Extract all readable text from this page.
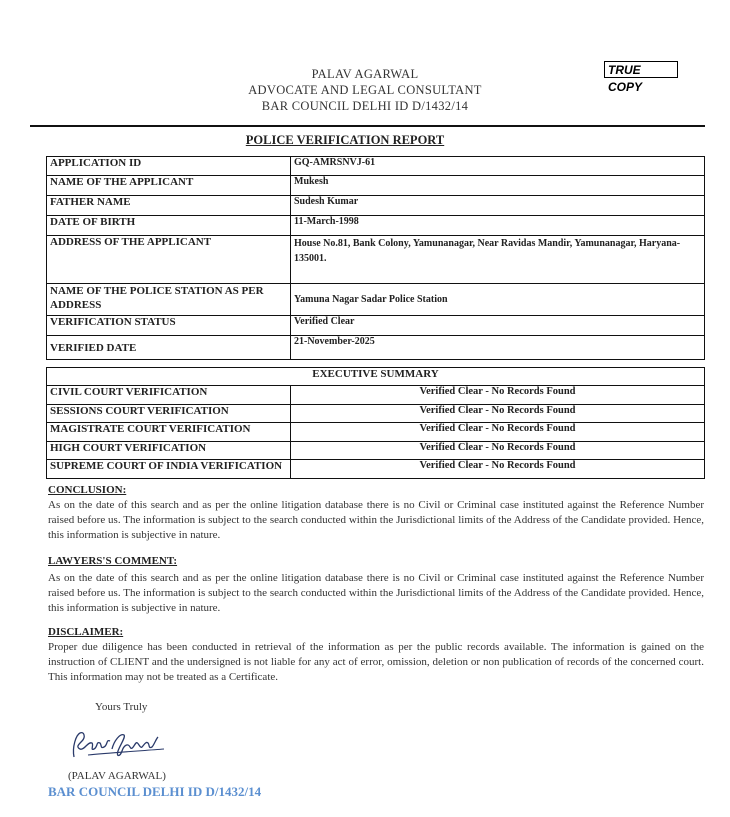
PALAV AGARWAL
ADVOCATE AND LEGAL CONSULTANT
BAR COUNCIL DELHI ID D/1432/14
TRUE COPY
POLICE VERIFICATION REPORT
APPLICATION ID	GQ-AMRSNVJ-61
NAME OF THE APPLICANT	Mukesh
FATHER NAME	Sudesh Kumar
DATE OF BIRTH	11-March-1998
ADDRESS OF THE APPLICANT	House No.81, Bank Colony, Yamunanagar, Near Ravidas Mandir, Yamunanagar, Haryana-135001.
NAME OF THE POLICE STATION AS PER ADDRESS	Yamuna Nagar Sadar Police Station
VERIFICATION STATUS	Verified Clear
VERIFIED DATE	21-November-2025
EXECUTIVE SUMMARY	
CIVIL COURT VERIFICATION	Verified Clear - No Records Found
SESSIONS COURT VERIFICATION	Verified Clear - No Records Found
MAGISTRATE COURT VERIFICATION	Verified Clear - No Records Found
HIGH COURT VERIFICATION	Verified Clear - No Records Found
SUPREME COURT OF INDIA VERIFICATION	Verified Clear - No Records Found
CONCLUSION:
As on the date of this search and as per the online litigation database there is no Civil or Criminal case instituted against the Reference Number raised before us. The information is subject to the search conducted within the Jurisdictional limits of the Address of the Candidate provided. Hence, this information is subjective in nature.
LAWYERS'S COMMENT:
As on the date of this search and as per the online litigation database there is no Civil or Criminal case instituted against the Reference Number raised before us. The information is subject to the search conducted within the Jurisdictional limits of the Address of the Candidate provided. Hence, this information is subjective in nature.
DISCLAIMER:
Proper due diligence has been conducted in retrieval of the information as per the public records available. The information is gained on the instruction of CLIENT and the undersigned is not liable for any act of error, omission, deletion or non publication of records of the concerned court. This information may not be treated as a Certificate.
Yours Truly
(PALAV AGARWAL)
BAR COUNCIL DELHI ID D/1432/14
